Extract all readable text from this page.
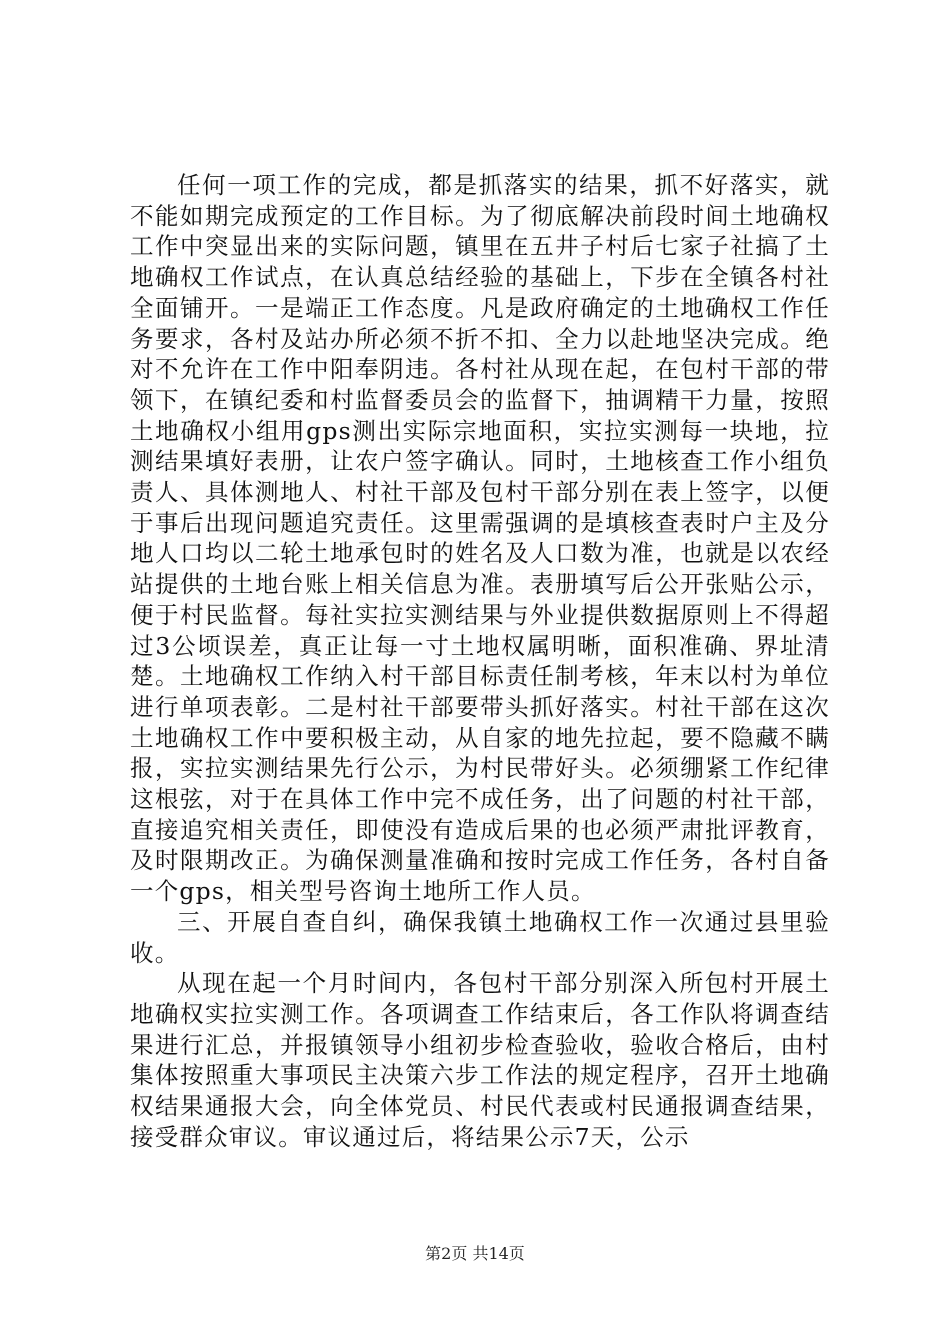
任何一项工作的完成，都是抓落实的结果，抓不好落实，就不能如期完成预定的工作目标。为了彻底解决前段时间土地确权工作中突显出来的实际问题，镇里在五井子村后七家子社搞了土地确权工作试点，在认真总结经验的基础上，下步在全镇各村社全面铺开。一是端正工作态度。凡是政府确定的土地确权工作任务要求，各村及站办所必须不折不扣、全力以赴地坚决完成。绝对不允许在工作中阳奉阴违。各村社从现在起，在包村干部的带领下，在镇纪委和村监督委员会的监督下，抽调精干力量，按照土地确权小组用gps测出实际宗地面积，实拉实测每一块地，拉测结果填好表册，让农户签字确认。同时，土地核查工作小组负责人、具体测地人、村社干部及包村干部分别在表上签字，以便于事后出现问题追究责任。这里需强调的是填核查表时户主及分地人口均以二轮土地承包时的姓名及人口数为准，也就是以农经站提供的土地台账上相关信息为准。表册填写后公开张贴公示，便于村民监督。每社实拉实测结果与外业提供数据原则上不得超过3公顷误差，真正让每一寸土地权属明晰，面积准确、界址清楚。土地确权工作纳入村干部目标责任制考核，年末以村为单位进行单项表彰。二是村社干部要带头抓好落实。村社干部在这次土地确权工作中要积极主动，从自家的地先拉起，要不隐藏不瞒报，实拉实测结果先行公示，为村民带好头。必须绷紧工作纪律这根弦，对于在具体工作中完不成任务，出了问题的村社干部，直接追究相关责任，即使没有造成后果的也必须严肃批评教育，及时限期改正。为确保测量准确和按时完成工作任务，各村自备一个gps，相关型号咨询土地所工作人员。

三、开展自查自纠，确保我镇土地确权工作一次通过县里验收。

从现在起一个月时间内，各包村干部分别深入所包村开展土地确权实拉实测工作。各项调查工作结束后，各工作队将调查结果进行汇总，并报镇领导小组初步检查验收，验收合格后，由村集体按照重大事项民主决策六步工作法的规定程序，召开土地确权结果通报大会，向全体党员、村民代表或村民通报调查结果，接受群众审议。审议通过后，将结果公示7天，公示

第2页 共14页
